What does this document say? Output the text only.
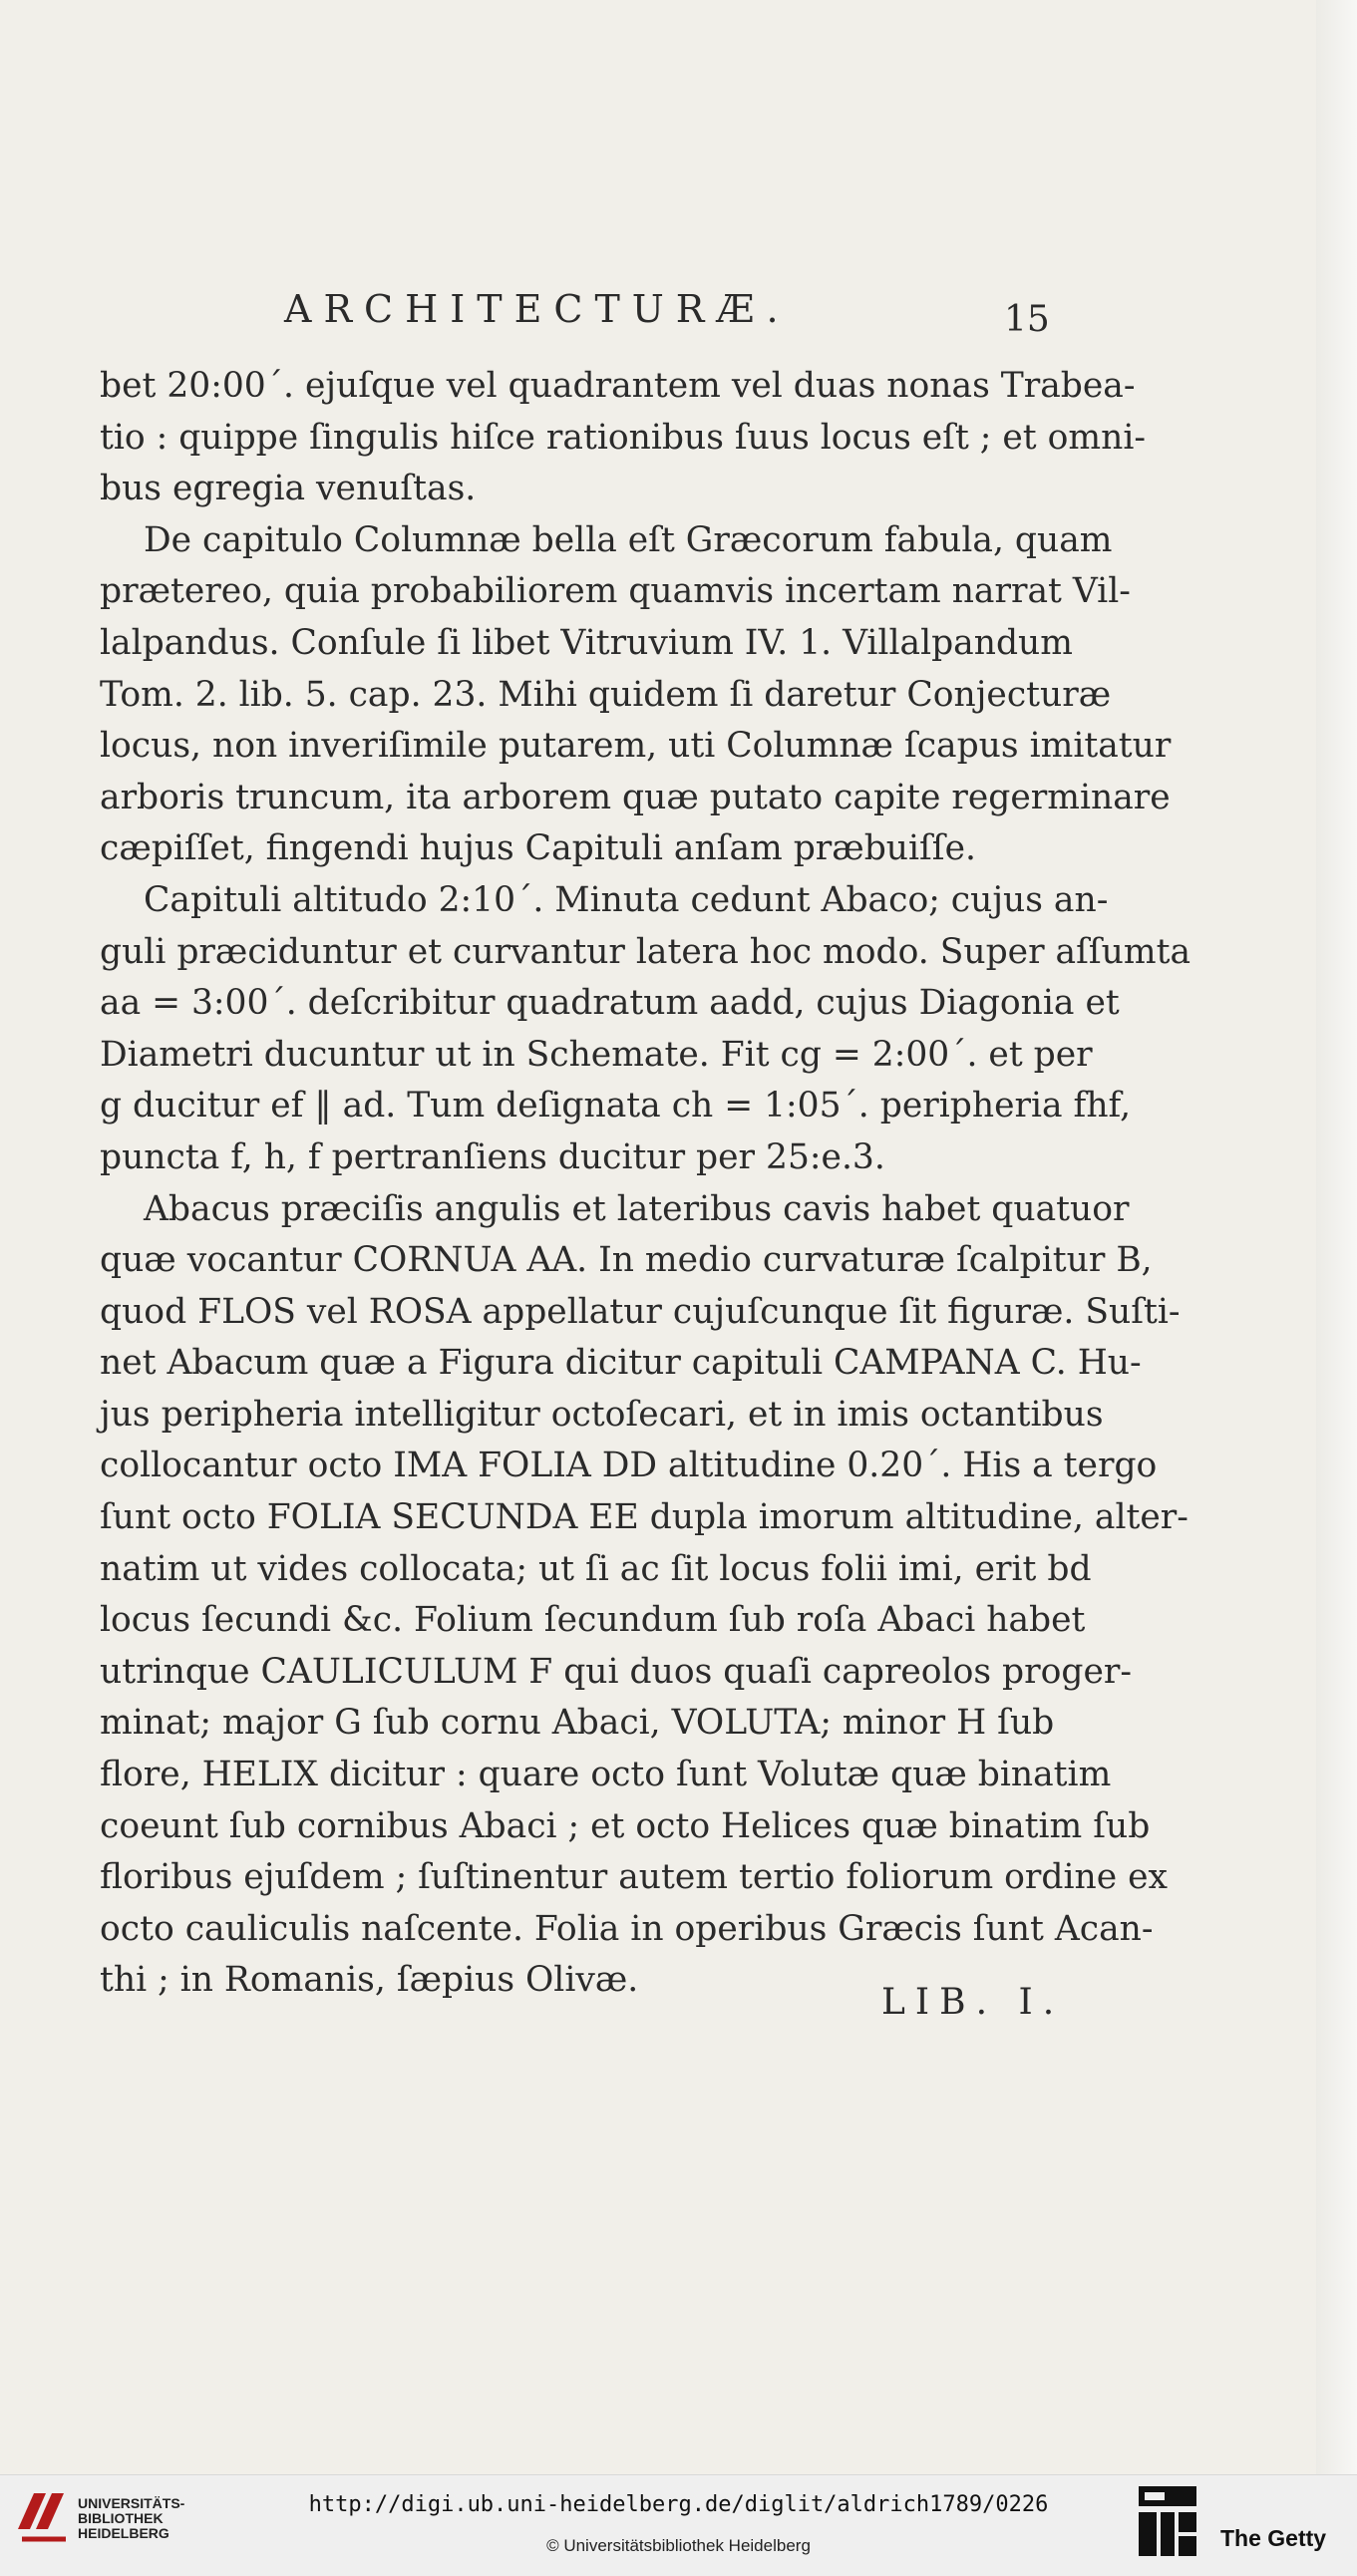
ARCHITECTURÆ.	15
bet 20:00΄. ejuſque vel quadrantem vel duas nonas Trabea-
tio : quippe ſingulis hiſce rationibus ſuus locus eſt ; et omni-
bus egregia venuſtas.
De capitulo Columnæ bella eſt Græcorum fabula, quam
prætereo, quia probabiliorem quamvis incertam narrat Vil-
lalpandus. Conſule ſi libet Vitruvium IV. 1. Villalpandum
Tom. 2. lib. 5. cap. 23. Mihi quidem ſi daretur Conjecturæ
locus, non inveriſimile putarem, uti Columnæ ſcapus imitatur
arboris truncum, ita arborem quæ putato capite regerminare
cæpiſſet, fingendi hujus Capituli anſam præbuiſſe.
Capituli altitudo 2:10΄. Minuta cedunt Abaco; cujus an-
guli præciduntur et curvantur latera hoc modo. Super aſſumta
aa = 3:00΄. deſcribitur quadratum aadd, cujus Diagonia et
Diametri ducuntur ut in Schemate. Fit cg = 2:00΄. et per
g ducitur ef ‖ ad. Tum deſignata ch = 1:05΄. peripheria fhf,
puncta f, h, f pertranſiens ducitur per 25:e.3.
Abacus præciſis angulis et lateribus cavis habet quatuor
quæ vocantur CORNUA AA. In medio curvaturæ ſcalpitur B,
quod FLOS vel ROSA appellatur cujuſcunque ſit figuræ. Suſti-
net Abacum quæ a Figura dicitur capituli CAMPANA C. Hu-
jus peripheria intelligitur octoſecari, et in imis octantibus
collocantur octo IMA FOLIA DD altitudine 0.20΄. His a tergo
ſunt octo FOLIA SECUNDA EE dupla imorum altitudine, alter-
natim ut vides collocata; ut ſi ac ſit locus folii imi, erit bd
locus ſecundi &c. Folium ſecundum ſub roſa Abaci habet
utrinque CAULICULUM F qui duos quaſi capreolos proger-
minat; major G ſub cornu Abaci, VOLUTA; minor H ſub
flore, HELIX dicitur : quare octo ſunt Volutæ quæ binatim
coeunt ſub cornibus Abaci ; et octo Helices quæ binatim ſub
floribus ejuſdem ; ſuſtinentur autem tertio foliorum ordine ex
octo cauliculis naſcente. Folia in operibus Græcis ſunt Acan-
thi ; in Romanis, ſæpius Olivæ.
LIB. I.
UNIVERSITÄTS-
BIBLIOTHEK
HEIDELBERG
http://digi.ub.uni-heidelberg.de/diglit/aldrich1789/0226
© Universitätsbibliothek Heidelberg	The Getty
